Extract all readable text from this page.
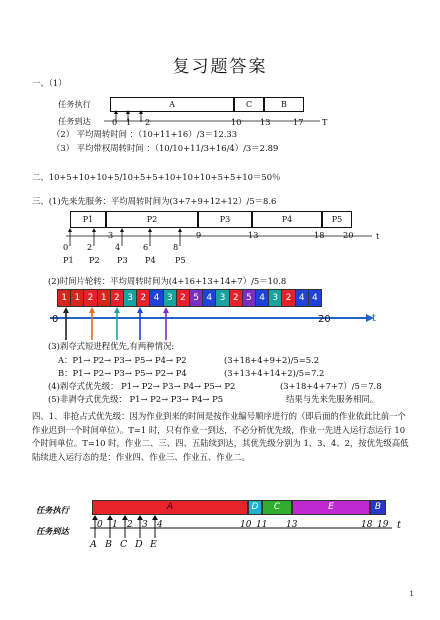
复习题答案
一、（1）
任务执行
任务到达
A	C	B
0 1 2	10 13	17 T
（2） 平均周转时间 ：（10+11+16）/3＝12.33
（3） 平均带权周转时间 ：（10/10+11/3+16/4）/3＝2.89
二、10+5+10+10+5/10+5+5+10+10+10+5+5+10＝50％
三、(1)先来先服务：平均周转时间为(3+7+9+12+12）/5＝8.6
P1	P2	P3	P4	P5
3	9	13	18 20	t
0 2	4	6	8
P1 P2 P3 P4 P5
(2)时间片轮转：平均周转时间为(4+16+13+14+7）/5＝10.8
1 1 2 1 2 3 2 4 3 2 5 4 3 2 5 4 3 2 4 4
0	20	t
(3)剥夺式短进程优先,有两种情况:
A：P1→ P2→ P3→ P5→ P4→ P2	(3+18+4+9+2)/5=5.2
B：P1→ P2→ P3→ P5→ P2→ P4	(3+13+4+14+2)/5=7.2
(4)剥夺式优先级： P1→ P2→ P3→ P4→ P5→ P2	(3+18+4+7+7）/5＝7.8
(5)非剥夺式优先级： P1→ P2→ P3→ P4→ P5	结果与先来先服务相同。
四、1、非抢占式优先级：因为作业到来的时间是按作业编号顺序进行的（即后面的作业依此比前一个作业迟到一个时间单位）。T=1 时，只有作业一到达，不必分析优先级，作业一先进入运行态运行 10 个时间单位。T=10 时，作业二、三、四、五陆续到达，其优先级分别为 1、3、4、2，按优先级高低陆续进入运行态的是：作业四、作业三、作业五、作业二。
任务执行
任务到达
A	D	C	E	B
0 1 2 3 4	10 11 13	18 19 t
A B C D E
1
